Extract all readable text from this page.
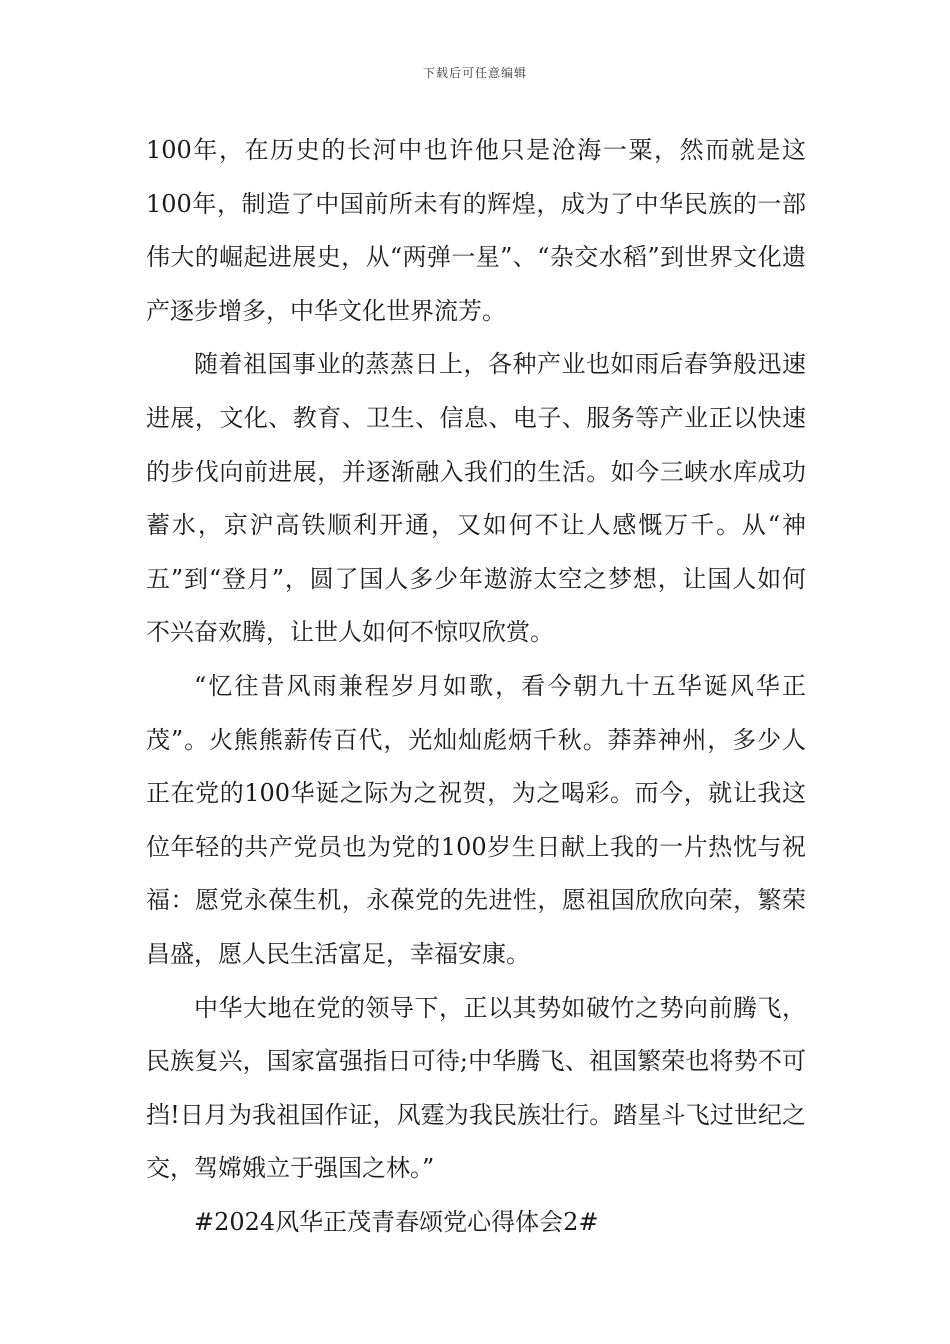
下载后可任意编辑

100年，在历史的长河中也许他只是沧海一粟，然而就是这100年，制造了中国前所未有的辉煌，成为了中华民族的一部伟大的崛起进展史，从“两弹一星”、“杂交水稻”到世界文化遗产逐步增多，中华文化世界流芳。

随着祖国事业的蒸蒸日上，各种产业也如雨后春笋般迅速进展，文化、教育、卫生、信息、电子、服务等产业正以快速的步伐向前进展，并逐渐融入我们的生活。如今三峡水库成功蓄水，京沪高铁顺利开通，又如何不让人感慨万千。从“神五”到“登月”，圆了国人多少年遨游太空之梦想，让国人如何不兴奋欢腾，让世人如何不惊叹欣赏。

“忆往昔风雨兼程岁月如歌，看今朝九十五华诞风华正茂”。火熊熊薪传百代，光灿灿彪炳千秋。莽莽神州，多少人正在党的100华诞之际为之祝贺，为之喝彩。而今，就让我这位年轻的共产党员也为党的100岁生日献上我的一片热忱与祝福：愿党永葆生机，永葆党的先进性，愿祖国欣欣向荣，繁荣昌盛，愿人民生活富足，幸福安康。

中华大地在党的领导下，正以其势如破竹之势向前腾飞，民族复兴，国家富强指日可待;中华腾飞、祖国繁荣也将势不可挡!日月为我祖国作证，风霆为我民族壮行。踏星斗飞过世纪之交，驾嫦娥立于强国之林。”

#2024风华正茂青春颂党心得体会2#
